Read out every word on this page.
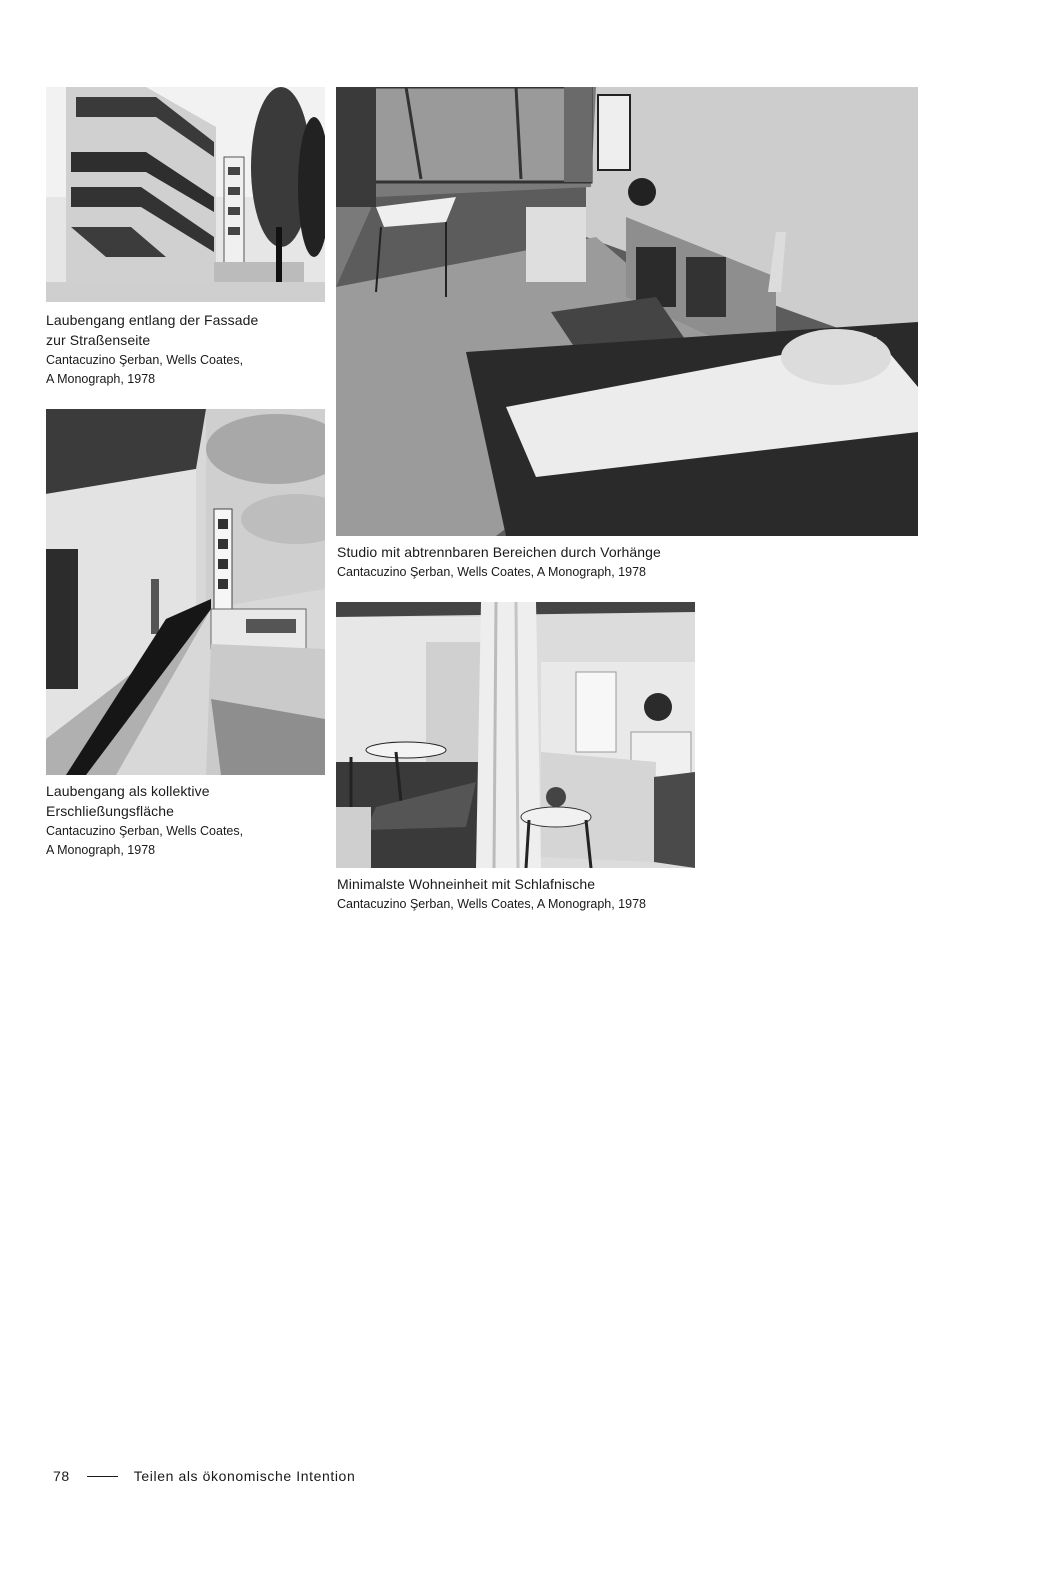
Laubengang entlang der Fassade
zur Straßenseite
Cantacuzino Şerban, Wells Coates,
A Monograph, 1978
Studio mit abtrennbaren Bereichen durch Vorhänge
Cantacuzino Şerban, Wells Coates, A Monograph, 1978
Laubengang als kollektive
Erschließungsfläche
Cantacuzino Şerban, Wells Coates,
A Monograph, 1978
Minimalste Wohneinheit mit Schlafnische
Cantacuzino Şerban, Wells Coates, A Monograph, 1978
78	Teilen als ökonomische Intention
